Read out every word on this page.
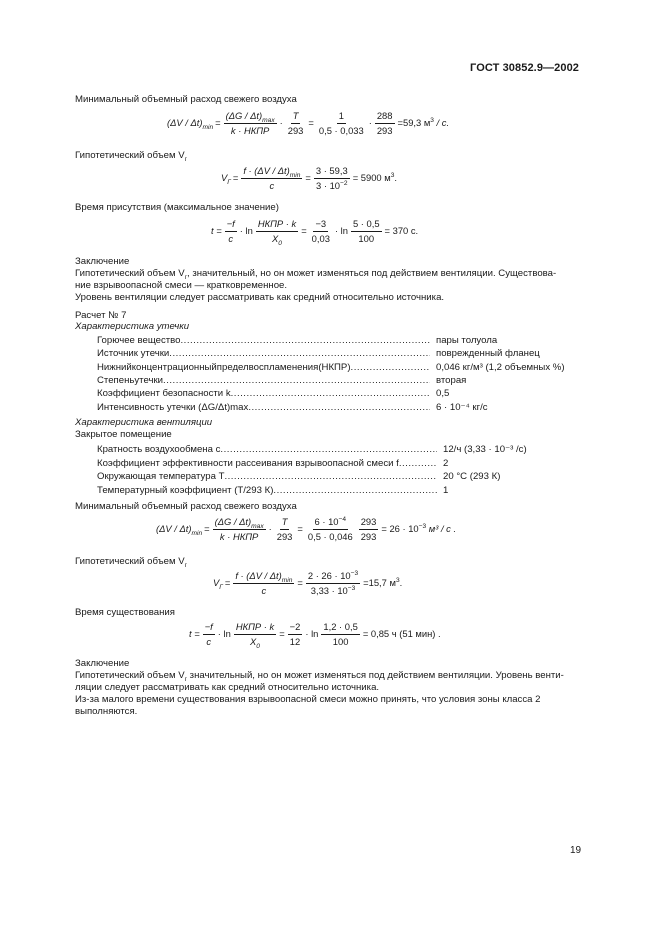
ГОСТ 30852.9—2002
Минимальный объемный расход свежего воздуха
$(\Delta V / \Delta t)_{min}$ =
$(\Delta G / \Delta t)_{max}$
k · НКПР
· $\frac{T}{293} = \frac{1}{0,5 \cdot 0,033} \cdot \frac{288}{293} =59,3$ $м^3$ / с.
Гипотетический объем $V_г$
$V_Г$ =
$f \cdot (\Delta V / \Delta t)_{min}$
c
= $\frac{3 \cdot 59,3}{3 \cdot 10^{-2}} = 5900$ $м^3$.
Время присутствия (максимальное значение)
$t = \frac{-f}{c} \cdot \ln$
НКПР · k
$X_0$
= $\frac{-3}{0,03} \cdot \ln \frac{5 \cdot 0,5}{100} = 370$ с.
Заключение
Гипотетический объем $V_г$, значительный, но он может изменяться под действием вентиляции. Существова-
ние взрывоопасной смеси — кратковременное.
Уровень вентиляции следует рассматривать как средний относительно источника.
Расчет № 7
Характеристика утечки
Горючее вещество .....	пары толуола
Источник утечки .....	поврежденный фланец
Нижнийконцентрационныйпределвоспламенения(НКПР) .....	0,046 кг/м³ (1,2 объемных %)
Степеньутечки .....	вторая
Коэффициент безопасности k .....	0,5
Интенсивность утечки (ΔG/Δt)max .....	6 · 10⁻⁴ кг/с
Характеристика вентиляции
Закрытое помещение
Кратность воздухообмена с .....	12/ч (3,33 · 10⁻³ /с)
Коэффициент эффективности рассеивания взрывоопасной смеси f .....	2
Окружающая температура T .....	20 °С (293 К)
Температурный коэффициент (T/293 К) .....	1
Минимальный объемный расход свежего воздуха
$(\Delta V / \Delta t)_{min}$ =
$(\Delta G / \Delta t)_{max}$
k · НКПР
· $\frac{T}{293} = \frac{6 \cdot 10^{-4}}{0,5 \cdot 0,046} \frac{293}{293} = 26 \cdot 10^{-3}$ м³ / с .
Гипотетический объем $V_г$
$V_Г$ =
$f \cdot (\Delta V / \Delta t)_{min}$
c
= $\frac{2 \cdot 26 \cdot 10^{-3}}{3,33 \cdot 10^{-3}} =15,7$ $м^3$.
Время существования
$t = \frac{-f}{c} \cdot \ln$
НКПР · k
$X_0$
= $\frac{-2}{12} \cdot \ln \frac{1,2 \cdot 0,5}{100} = 0,85$ ч (51 мин) .
Заключение
Гипотетический объем $V_г$ значительный, но он может изменяться под действием вентиляции. Уровень венти-
ляции следует рассматривать как средний относительно источника.
Из-за малого времени существования взрывоопасной смеси можно принять, что условия зоны класса 2
выполняются.
19
